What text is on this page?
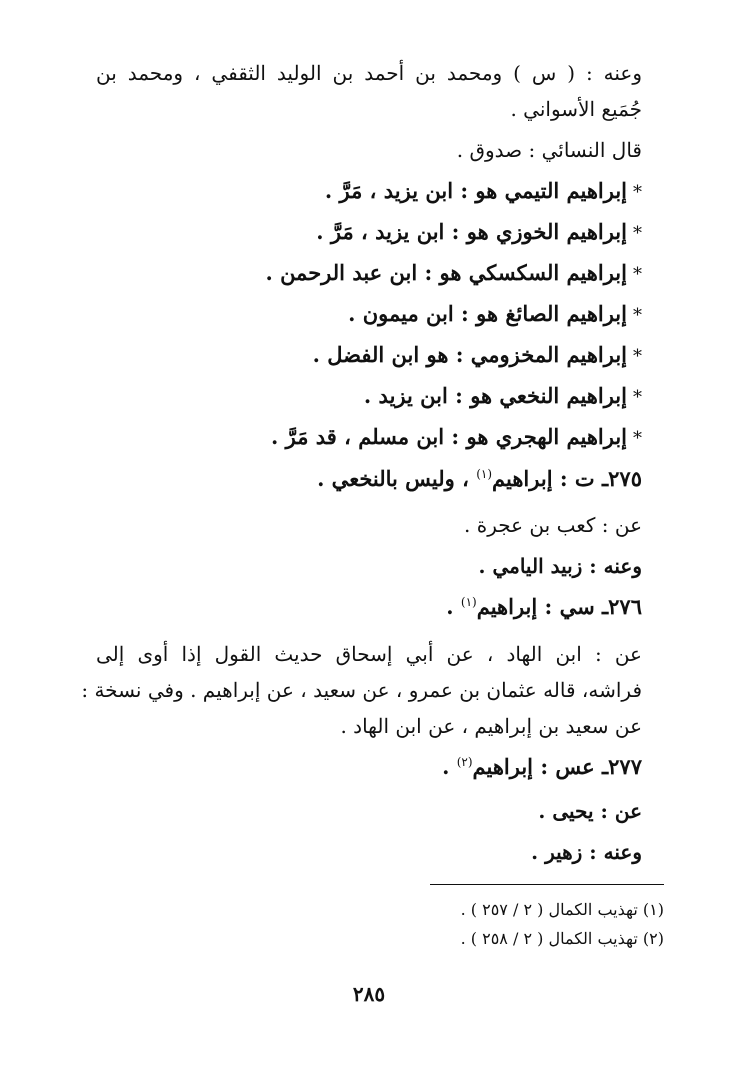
وعنه : ( س ) ومحمد بن أحمد بن الوليد الثقفي ، ومحمد بن
جُمَيع الأسواني .
قال النسائي : صدوق .
*إبراهيم التيمي هو : ابن يزيد ، مَرَّ .
*إبراهيم الخوزي هو : ابن يزيد ، مَرَّ .
*إبراهيم السكسكي هو : ابن عبد الرحمن .
*إبراهيم الصائغ هو : ابن ميمون .
*إبراهيم المخزومي : هو ابن الفضل .
*إبراهيم النخعي هو : ابن يزيد .
*إبراهيم الهجري هو : ابن مسلم ، قد مَرَّ .
٢٧٥ـ ت : إبراهيم$^{(١)}$ ، وليس بالنخعي .
عن : كعب بن عجرة .
وعنه : زبيد اليامي .
٢٧٦ـ سي : إبراهيم$^{(١)}$ .
عن : ابن الهاد ، عن أبي إسحاق حديث القول إذا أوى إلى
فراشه، قاله عثمان بن عمرو ، عن سعيد ، عن إبراهيم . وفي نسخة :
عن سعيد بن إبراهيم ، عن ابن الهاد .
٢٧٧ـ عس : إبراهيم$^{(٢)}$ .
عن : يحيى .
وعنه : زهير .
(١) تهذيب الكمال ( ٢ / ٢٥٧ ) .
(٢) تهذيب الكمال ( ٢ / ٢٥٨ ) .
٢٨٥
